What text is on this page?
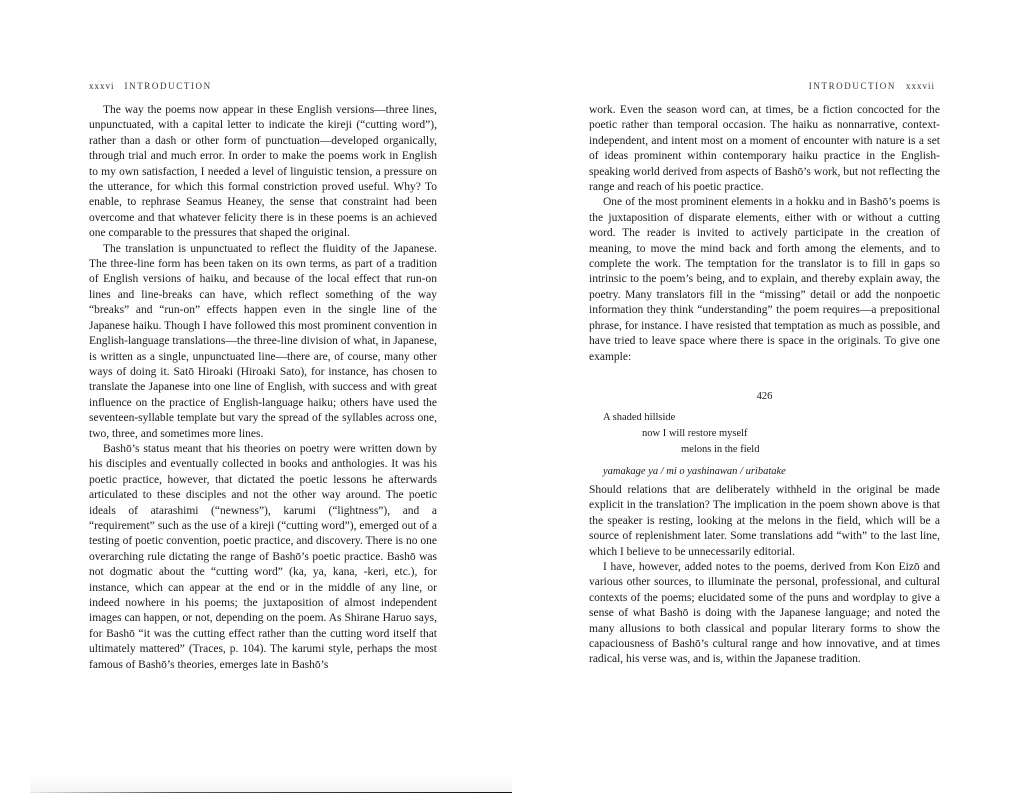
xxxvi INTRODUCTION

The way the poems now appear in these English versions—three lines, unpunctuated, with a capital letter to indicate the kireji (“cutting word”), rather than a dash or other form of punctuation—developed organically, through trial and much error. In order to make the poems work in English to my own satisfaction, I needed a level of linguistic tension, a pressure on the utterance, for which this formal constriction proved useful. Why? To enable, to rephrase Seamus Heaney, the sense that constraint had been overcome and that whatever felicity there is in these poems is an achieved one comparable to the pressures that shaped the original.

The translation is unpunctuated to reflect the fluidity of the Japanese. The three-line form has been taken on its own terms, as part of a tradition of English versions of haiku, and because of the local effect that run-on lines and line-breaks can have, which reflect something of the way “breaks” and “run-on” effects happen even in the single line of the Japanese haiku. Though I have followed this most prominent convention in English-language translations—the three-line division of what, in Japanese, is written as a single, unpunctuated line—there are, of course, many other ways of doing it. Satō Hiroaki (Hiroaki Sato), for instance, has chosen to translate the Japanese into one line of English, with success and with great influence on the practice of English-language haiku; others have used the seventeen-syllable template but vary the spread of the syllables across one, two, three, and sometimes more lines.

Bashō’s status meant that his theories on poetry were written down by his disciples and eventually collected in books and anthologies. It was his poetic practice, however, that dictated the poetic lessons he afterwards articulated to these disciples and not the other way around. The poetic ideals of atarashimi (“newness”), karumi (“lightness”), and a “requirement” such as the use of a kireji (“cutting word”), emerged out of a testing of poetic convention, poetic practice, and discovery. There is no one overarching rule dictating the range of Bashō’s poetic practice. Bashō was not dogmatic about the “cutting word” (ka, ya, kana, -keri, etc.), for instance, which can appear at the end or in the middle of any line, or indeed nowhere in his poems; the juxtaposition of almost independent images can happen, or not, depending on the poem. As Shirane Haruo says, for Bashō “it was the cutting effect rather than the cutting word itself that ultimately mattered” (Traces, p. 104). The karumi style, perhaps the most famous of Bashō’s theories, emerges late in Bashō’s

INTRODUCTION xxxvii

work. Even the season word can, at times, be a fiction concocted for the poetic rather than temporal occasion. The haiku as nonnarrative, context-independent, and intent most on a moment of encounter with nature is a set of ideas prominent within contemporary haiku practice in the English-speaking world derived from aspects of Bashō’s work, but not reflecting the range and reach of his poetic practice.

One of the most prominent elements in a hokku and in Bashō’s poems is the juxtaposition of disparate elements, either with or without a cutting word. The reader is invited to actively participate in the creation of meaning, to move the mind back and forth among the elements, and to complete the work. The temptation for the translator is to fill in gaps so intrinsic to the poem’s being, and to explain, and thereby explain away, the poetry. Many translators fill in the “missing” detail or add the nonpoetic information they think “understanding” the poem requires—a prepositional phrase, for instance. I have resisted that temptation as much as possible, and have tried to leave space where there is space in the originals. To give one example:

426
A shaded hillside
now I will restore myself
melons in the field
yamakage ya / mi o yashinawan / uribatake

Should relations that are deliberately withheld in the original be made explicit in the translation? The implication in the poem shown above is that the speaker is resting, looking at the melons in the field, which will be a source of replenishment later. Some translations add “with” to the last line, which I believe to be unnecessarily editorial.

I have, however, added notes to the poems, derived from Kon Eizō and various other sources, to illuminate the personal, professional, and cultural contexts of the poems; elucidated some of the puns and wordplay to give a sense of what Bashō is doing with the Japanese language; and noted the many allusions to both classical and popular literary forms to show the capaciousness of Bashō’s cultural range and how innovative, and at times radical, his verse was, and is, within the Japanese tradition.
